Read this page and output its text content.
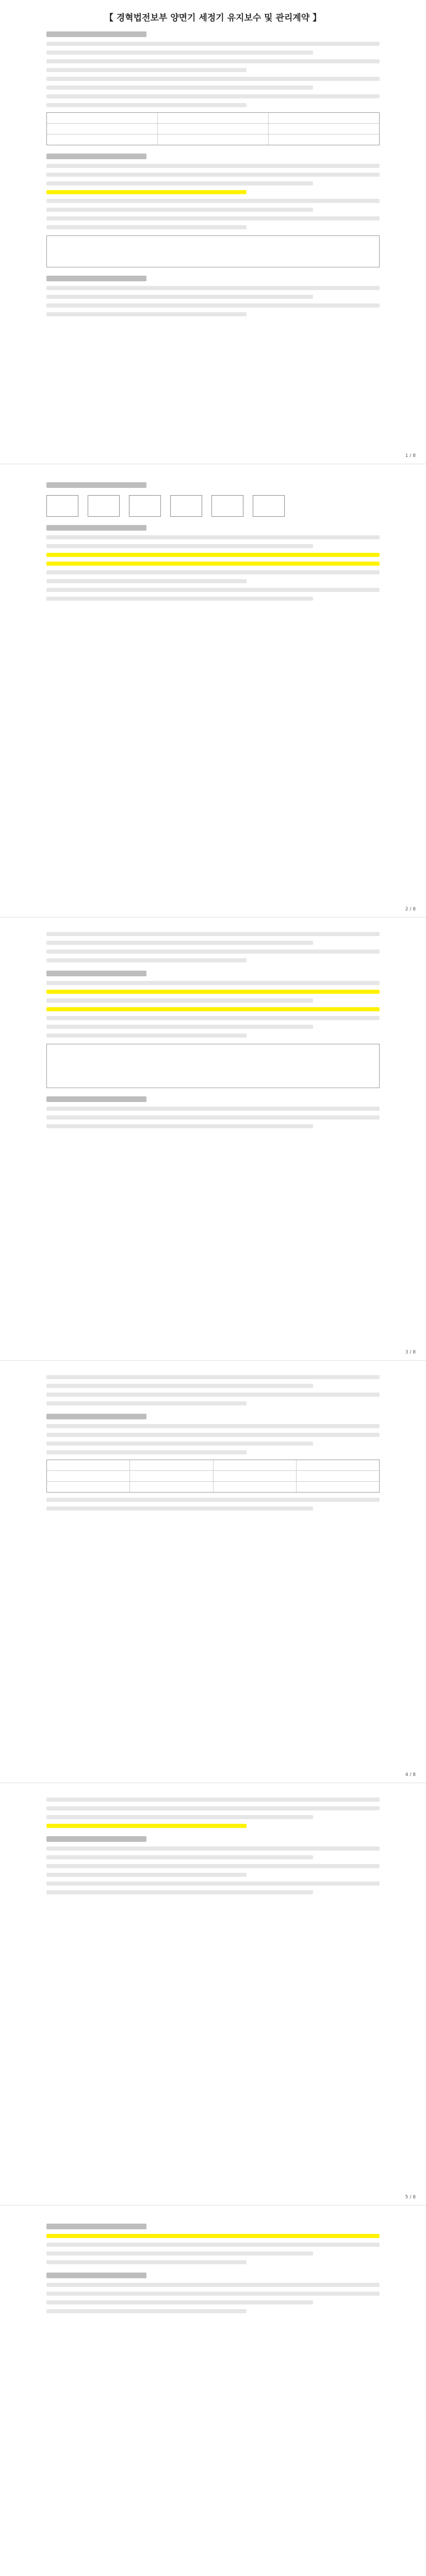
【 경혁법전보부 양면기 세정기 유지보수 및 관리계약 】
1 / 8
2 / 8
3 / 8
4 / 8
5 / 8
